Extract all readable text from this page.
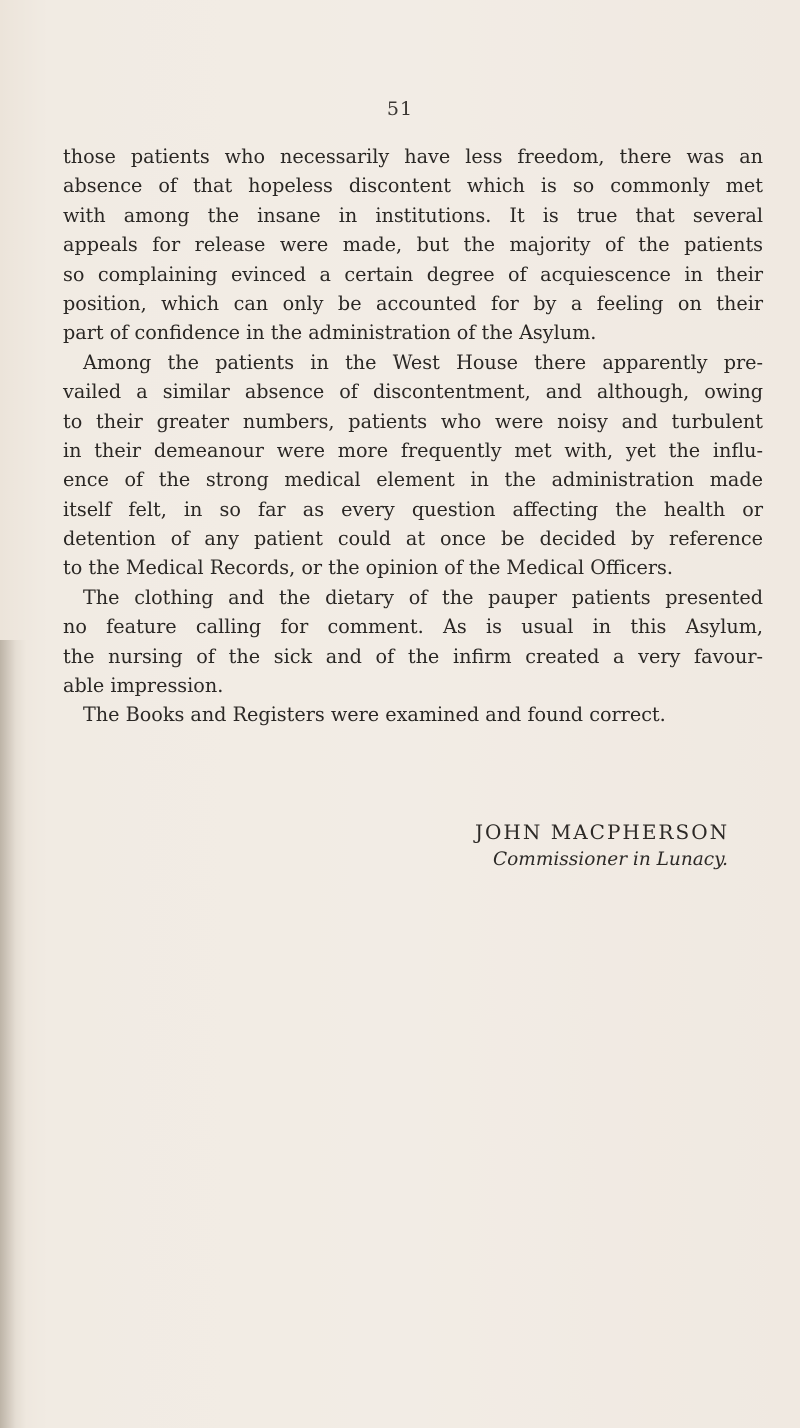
51
those patients who necessarily have less freedom, there was an
absence of that hopeless discontent which is so commonly met
with among the insane in institutions. It is true that several
appeals for release were made, but the majority of the patients
so complaining evinced a certain degree of acquiescence in their
position, which can only be accounted for by a feeling on their
part of confidence in the administration of the Asylum.
Among the patients in the West House there apparently pre-
vailed a similar absence of discontentment, and although, owing
to their greater numbers, patients who were noisy and turbulent
in their demeanour were more frequently met with, yet the influ-
ence of the strong medical element in the administration made
itself felt, in so far as every question affecting the health or
detention of any patient could at once be decided by reference
to the Medical Records, or the opinion of the Medical Officers.
The clothing and the dietary of the pauper patients presented
no feature calling for comment. As is usual in this Asylum,
the nursing of the sick and of the infirm created a very favour-
able impression.
The Books and Registers were examined and found correct.
JOHN MACPHERSON
Commissioner in Lunacy.
